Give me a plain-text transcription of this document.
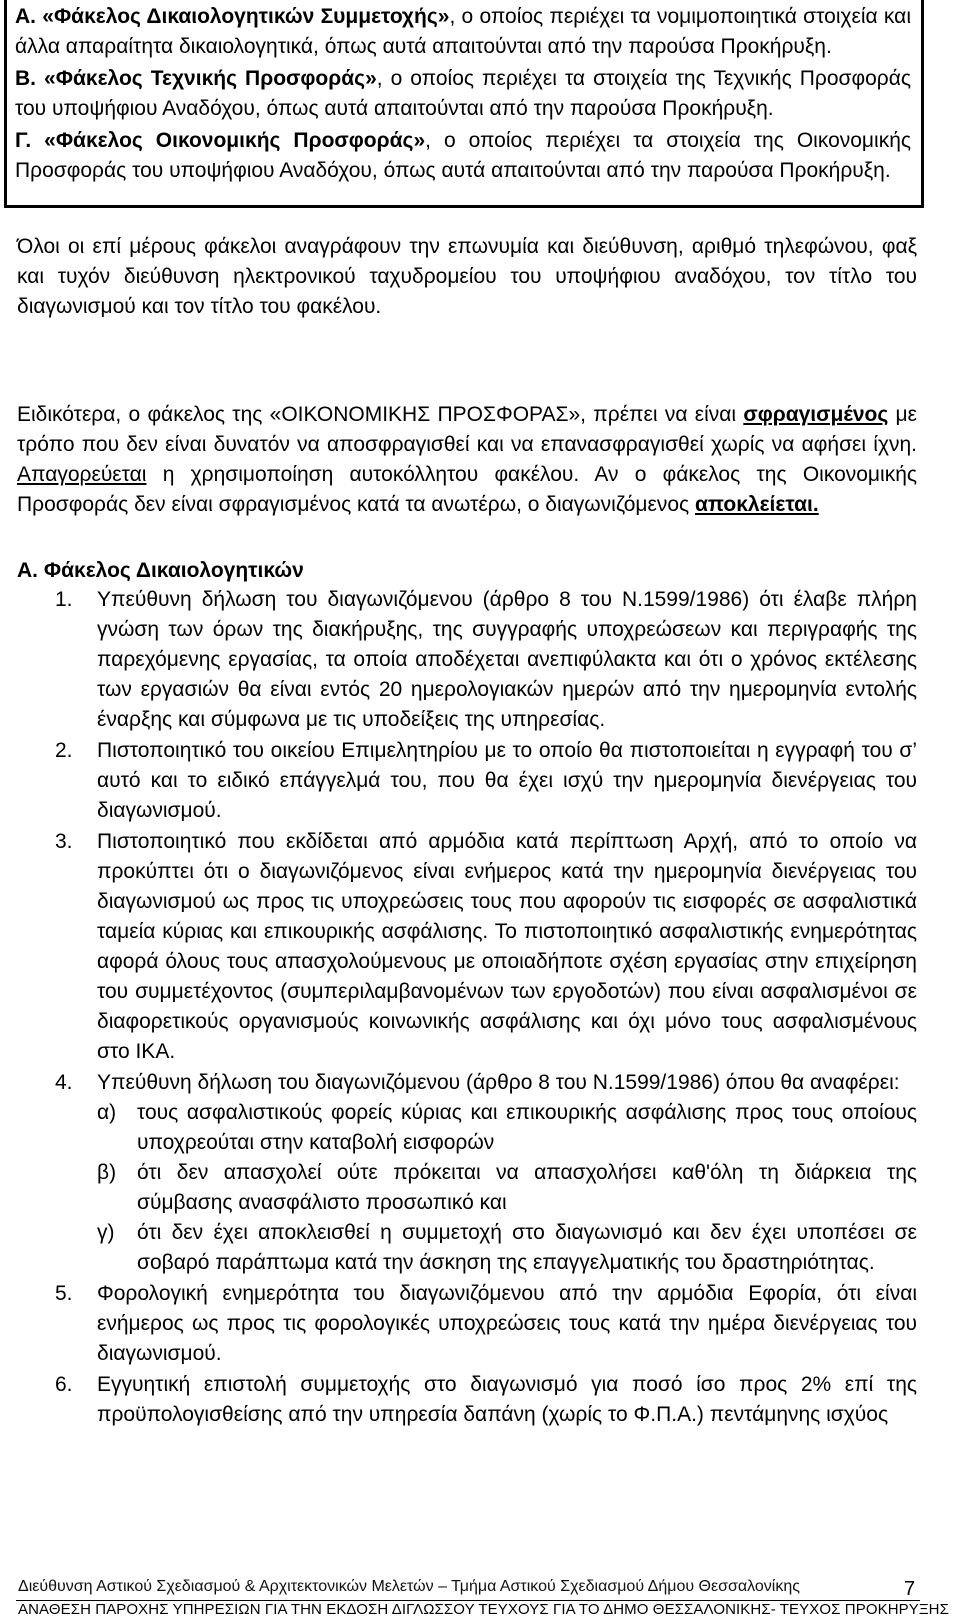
Α. «Φάκελος Δικαιολογητικών Συμμετοχής», ο οποίος περιέχει τα νομιμοποιητικά στοιχεία και άλλα απαραίτητα δικαιολογητικά, όπως αυτά απαιτούνται από την παρούσα Προκήρυξη.

Β. «Φάκελος Τεχνικής Προσφοράς», ο οποίος περιέχει τα στοιχεία της Τεχνικής Προσφοράς του υποψήφιου Αναδόχου, όπως αυτά απαιτούνται από την παρούσα Προκήρυξη.

Γ. «Φάκελος Οικονομικής Προσφοράς», ο οποίος περιέχει τα στοιχεία της Οικονομικής Προσφοράς του υποψήφιου Αναδόχου, όπως αυτά απαιτούνται από την παρούσα Προκήρυξη.

Όλοι οι επί μέρους φάκελοι αναγράφουν την επωνυμία και διεύθυνση, αριθμό τηλεφώνου, φαξ και τυχόν διεύθυνση ηλεκτρονικού ταχυδρομείου του υποψήφιου αναδόχου, τον τίτλο του διαγωνισμού και τον τίτλο του φακέλου.

Ειδικότερα, ο φάκελος της «ΟΙΚΟΝΟΜΙΚΗΣ ΠΡΟΣΦΟΡΑΣ», πρέπει να είναι σφραγισμένος με τρόπο που δεν είναι δυνατόν να αποσφραγισθεί και να επανασφραγισθεί χωρίς να αφήσει ίχνη. Απαγορεύεται η χρησιμοποίηση αυτοκόλλητου φακέλου. Αν ο φάκελος της Οικονομικής Προσφοράς δεν είναι σφραγισμένος κατά τα ανωτέρω, ο διαγωνιζόμενος αποκλείεται.

Α. Φάκελος Δικαιολογητικών

1. Υπεύθυνη δήλωση του διαγωνιζόμενου (άρθρο 8 του Ν.1599/1986) ότι έλαβε πλήρη γνώση των όρων της διακήρυξης, της συγγραφής υποχρεώσεων και περιγραφής της παρεχόμενης εργασίας, τα οποία αποδέχεται ανεπιφύλακτα και ότι ο χρόνος εκτέλεσης των εργασιών θα είναι εντός 20 ημερολογιακών ημερών από την ημερομηνία εντολής έναρξης και σύμφωνα με τις υποδείξεις της υπηρεσίας.
2. Πιστοποιητικό του οικείου Επιμελητηρίου με το οποίο θα πιστοποιείται η εγγραφή του σ’ αυτό και το ειδικό επάγγελμά του, που θα έχει ισχύ την ημερομηνία διενέργειας του διαγωνισμού.
3. Πιστοποιητικό που εκδίδεται από αρμόδια κατά περίπτωση Αρχή, από το οποίο να προκύπτει ότι ο διαγωνιζόμενος είναι ενήμερος κατά την ημερομηνία διενέργειας του διαγωνισμού ως προς τις υποχρεώσεις τους που αφορούν τις εισφορές σε ασφαλιστικά ταμεία κύριας και επικουρικής ασφάλισης. Το πιστοποιητικό ασφαλιστικής ενημερότητας αφορά όλους τους απασχολούμενους με οποιαδήποτε σχέση εργασίας στην επιχείρηση του συμμετέχοντος (συμπεριλαμβανομένων των εργοδοτών) που είναι ασφαλισμένοι σε διαφορετικούς οργανισμούς κοινωνικής ασφάλισης και όχι μόνο τους ασφαλισμένους στο ΙΚΑ.
4. Υπεύθυνη δήλωση του διαγωνιζόμενου (άρθρο 8 του Ν.1599/1986) όπου θα αναφέρει:
α) τους ασφαλιστικούς φορείς κύριας και επικουρικής ασφάλισης προς τους οποίους υποχρεούται στην καταβολή εισφορών
β) ότι δεν απασχολεί ούτε πρόκειται να απασχολήσει καθ'όλη τη διάρκεια της σύμβασης ανασφάλιστο προσωπικό και
γ) ότι δεν έχει αποκλεισθεί η συμμετοχή στο διαγωνισμό και δεν έχει υποπέσει σε σοβαρό παράπτωμα κατά την άσκηση της επαγγελματικής του δραστηριότητας.
5. Φορολογική ενημερότητα του διαγωνιζόμενου από την αρμόδια Εφορία, ότι είναι ενήμερος ως προς τις φορολογικές υποχρεώσεις τους κατά την ημέρα διενέργειας του διαγωνισμού.
6. Εγγυητική επιστολή συμμετοχής στο διαγωνισμό για ποσό ίσο προς 2% επί της προϋπολογισθείσης από την υπηρεσία δαπάνη (χωρίς το Φ.Π.Α.) πεντάμηνης ισχύος
Διεύθυνση Αστικού Σχεδιασμού & Αρχιτεκτονικών Μελετών – Τμήμα Αστικού Σχεδιασμού Δήμου Θεσσαλονίκης	7
ΑΝΑΘΕΣΗ ΠΑΡΟΧΗΣ ΥΠΗΡΕΣΙΩΝ ΓΙΑ ΤΗΝ ΕΚΔΟΣΗ ΔΙΓΛΩΣΣΟΥ ΤΕΥΧΟΥΣ ΓΙΑ ΤΟ ΔΗΜΟ ΘΕΣΣΑΛΟΝΙΚΗΣ- ΤΕΥΧΟΣ ΠΡΟΚΗΡΥΞΗΣ
